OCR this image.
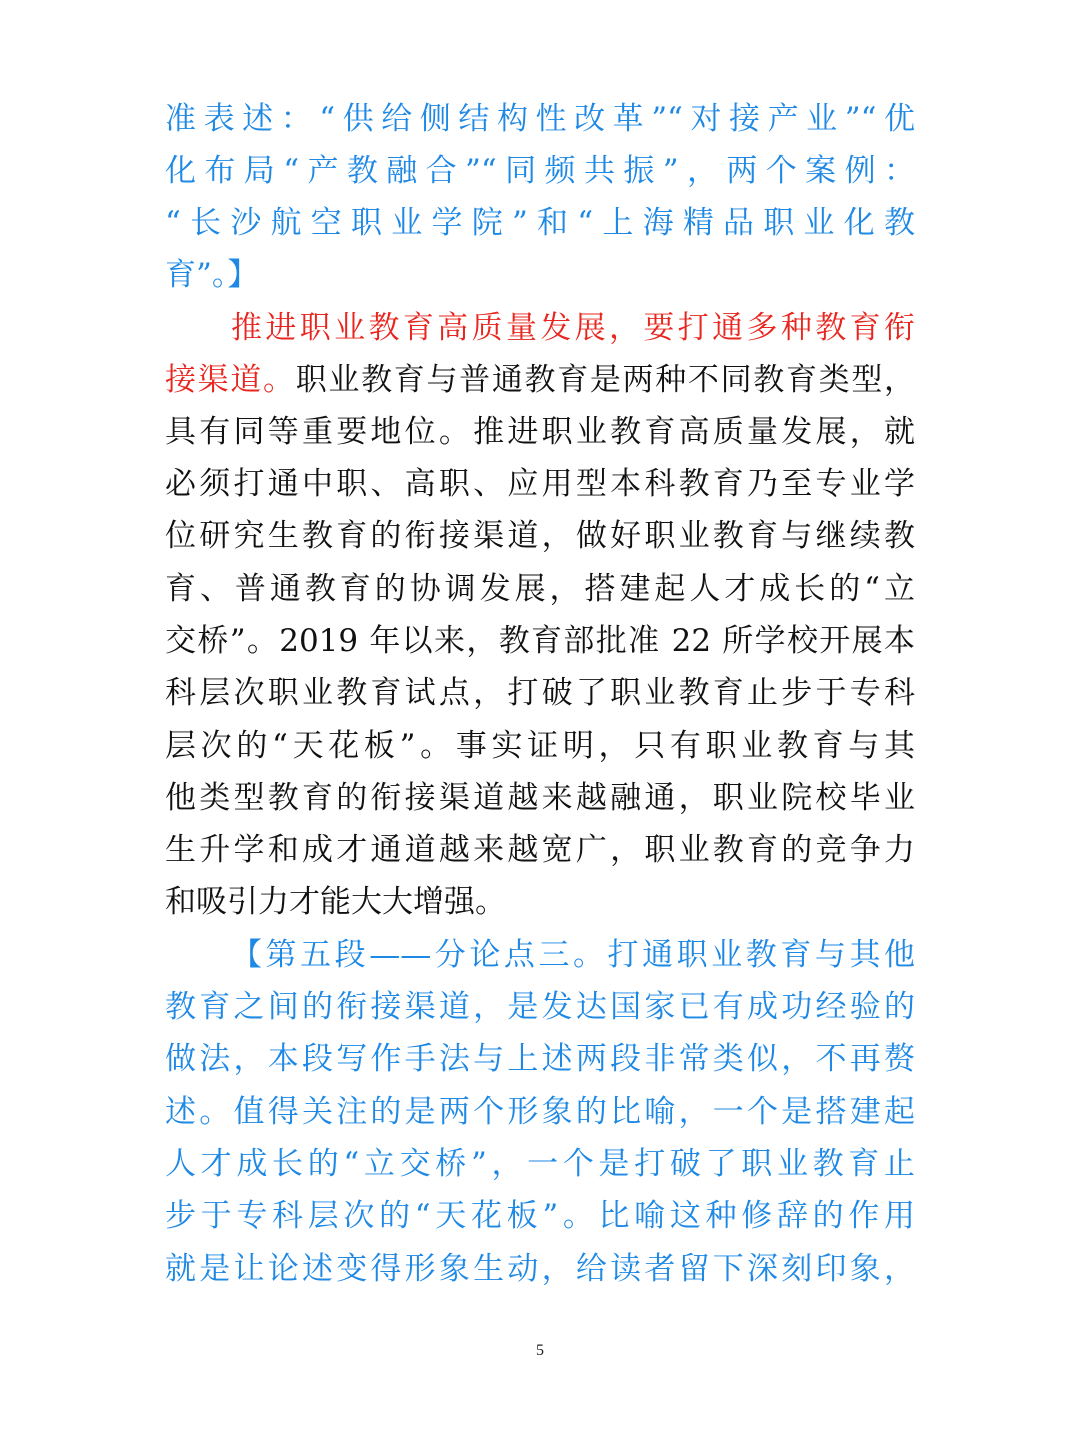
准表述：“供给侧结构性改革”“对接产业”“优
化布局“产教融合”“同频共振”，两个案例：
“长沙航空职业学院”和“上海精品职业化教
育”。】
推进职业教育高质量发展，要打通多种教育衔
接渠道。职业教育与普通教育是两种不同教育类型，
具有同等重要地位。推进职业教育高质量发展，就
必须打通中职、高职、应用型本科教育乃至专业学
位研究生教育的衔接渠道，做好职业教育与继续教
育、普通教育的协调发展，搭建起人才成长的“立
交桥”。2019 年以来，教育部批准 22 所学校开展本
科层次职业教育试点，打破了职业教育止步于专科
层次的“天花板”。事实证明，只有职业教育与其
他类型教育的衔接渠道越来越融通，职业院校毕业
生升学和成才通道越来越宽广，职业教育的竞争力
和吸引力才能大大增强。
【第五段——分论点三。打通职业教育与其他
教育之间的衔接渠道，是发达国家已有成功经验的
做法，本段写作手法与上述两段非常类似，不再赘
述。值得关注的是两个形象的比喻，一个是搭建起
人才成长的“立交桥”，一个是打破了职业教育止
步于专科层次的“天花板”。比喻这种修辞的作用
就是让论述变得形象生动，给读者留下深刻印象，
5
